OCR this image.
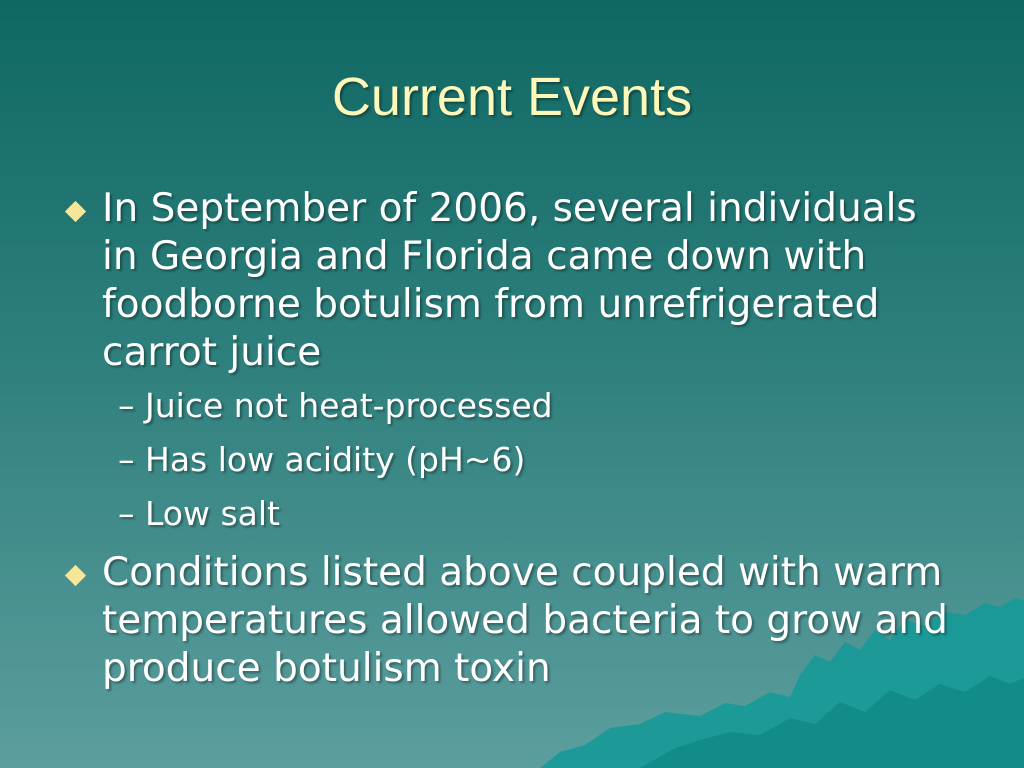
Current Events
In September of 2006, several individuals in Georgia and Florida came down with foodborne botulism from unrefrigerated carrot juice
– Juice not heat-processed
– Has low acidity (pH~6)
– Low salt
Conditions listed above coupled with warm temperatures allowed bacteria to grow and produce botulism toxin
